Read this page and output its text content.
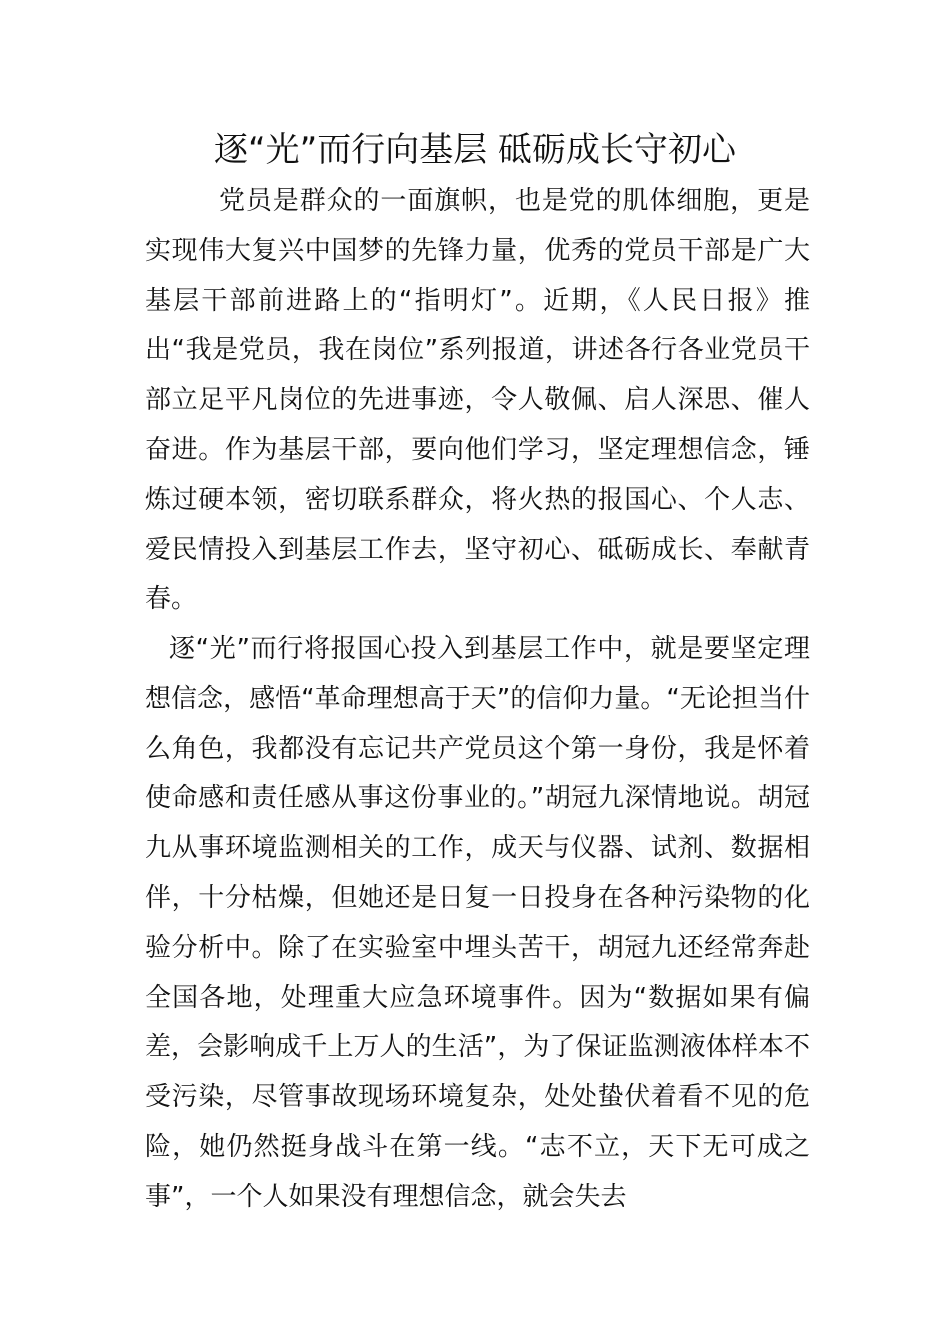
逐“光”而行向基层 砥砺成长守初心

党员是群众的一面旗帜，也是党的肌体细胞，更是实现伟大复兴中国梦的先锋力量，优秀的党员干部是广大基层干部前进路上的“指明灯”。近期，《人民日报》推出“我是党员，我在岗位”系列报道，讲述各行各业党员干部立足平凡岗位的先进事迹，令人敬佩、启人深思、催人奋进。作为基层干部，要向他们学习，坚定理想信念，锤炼过硬本领，密切联系群众，将火热的报国心、个人志、爱民情投入到基层工作去，坚守初心、砥砺成长、奉献青春。

逐“光”而行将报国心投入到基层工作中，就是要坚定理想信念，感悟“革命理想高于天”的信仰力量。“无论担当什么角色，我都没有忘记共产党员这个第一身份，我是怀着使命感和责任感从事这份事业的。”胡冠九深情地说。胡冠九从事环境监测相关的工作，成天与仪器、试剂、数据相伴，十分枯燥，但她还是日复一日投身在各种污染物的化验分析中。除了在实验室中埋头苦干，胡冠九还经常奔赴全国各地，处理重大应急环境事件。因为“数据如果有偏差，会影响成千上万人的生活”，为了保证监测液体样本不受污染，尽管事故现场环境复杂，处处蛰伏着看不见的危险，她仍然挺身战斗在第一线。“志不立，天下无可成之事”，一个人如果没有理想信念，就会失去
